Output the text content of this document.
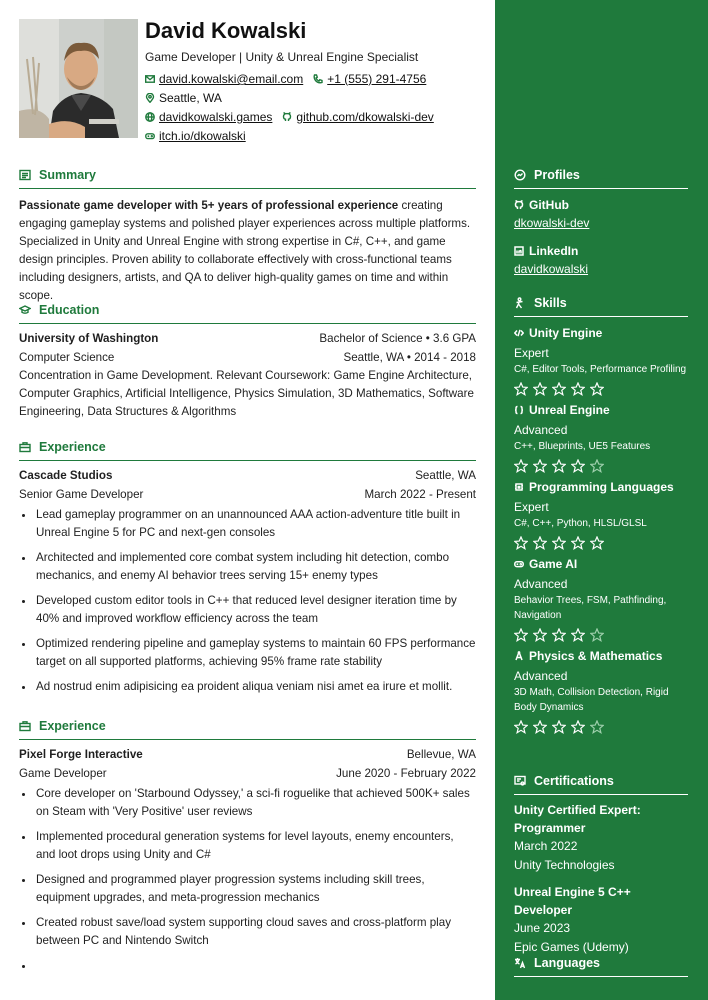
David Kowalski
Game Developer | Unity & Unreal Engine Specialist
david.kowalski@email.com +1 (555) 291-4756
Seattle, WA
davidkowalski.games github.com/dkowalski-dev
itch.io/dkowalski
Summary
Passionate game developer with 5+ years of professional experience creating engaging gameplay systems and polished player experiences across multiple platforms. Specialized in Unity and Unreal Engine with strong expertise in C#, C++, and game design principles. Proven ability to collaborate effectively with cross-functional teams including designers, artists, and QA to deliver high-quality games on time and within scope.
Education
University of Washington	Bachelor of Science • 3.6 GPA
Computer Science	Seattle, WA • 2014 - 2018
Concentration in Game Development. Relevant Coursework: Game Engine Architecture, Computer Graphics, Artificial Intelligence, Physics Simulation, 3D Mathematics, Software Engineering, Data Structures & Algorithms
Experience
Cascade Studios	Seattle, WA
Senior Game Developer	March 2022 - Present
• Lead gameplay programmer on an unannounced AAA action-adventure title built in Unreal Engine 5 for PC and next-gen consoles
• Architected and implemented core combat system including hit detection, combo mechanics, and enemy AI behavior trees serving 15+ enemy types
• Developed custom editor tools in C++ that reduced level designer iteration time by 40% and improved workflow efficiency across the team
• Optimized rendering pipeline and gameplay systems to maintain 60 FPS performance target on all supported platforms, achieving 95% frame rate stability
• Ad nostrud enim adipisicing ea proident aliqua veniam nisi amet ea irure et mollit.
Experience
Pixel Forge Interactive	Bellevue, WA
Game Developer	June 2020 - February 2022
• Core developer on 'Starbound Odyssey,' a sci-fi roguelike that achieved 500K+ sales on Steam with 'Very Positive' user reviews
• Implemented procedural generation systems for level layouts, enemy encounters, and loot drops using Unity and C#
• Designed and programmed player progression systems including skill trees, equipment upgrades, and meta-progression mechanics
• Created robust save/load system supporting cloud saves and cross-platform play between PC and Nintendo Switch
•
Profiles
GitHub
dkowalski-dev
LinkedIn
davidkowalski
Skills
Unity Engine
Expert
C#, Editor Tools, Performance Profiling
Unreal Engine
Advanced
C++, Blueprints, UE5 Features
Programming Languages
Expert
C#, C++, Python, HLSL/GLSL
Game AI
Advanced
Behavior Trees, FSM, Pathfinding, Navigation
Physics & Mathematics
Advanced
3D Math, Collision Detection, Rigid Body Dynamics
Certifications
Unity Certified Expert: Programmer
March 2022
Unity Technologies
Unreal Engine 5 C++ Developer
June 2023
Epic Games (Udemy)
Languages
